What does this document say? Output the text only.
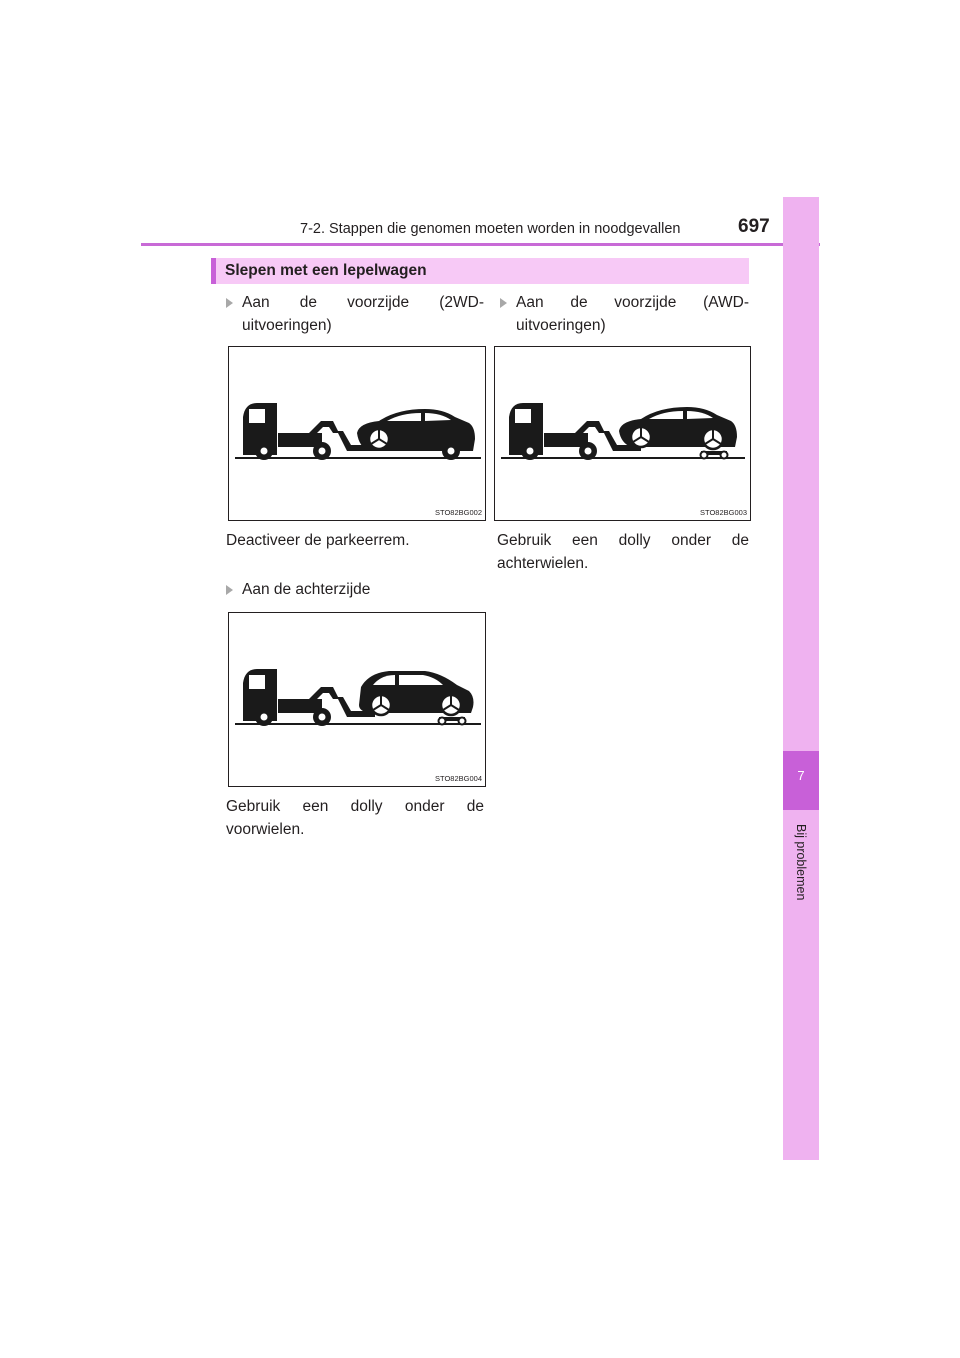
7-2. Stappen die genomen moeten worden in noodgevallen	697
7
Bij problemen
Slepen met een lepelwagen
Aan de voorzijde (2WD-uitvoeringen)
STO82BG002
Deactiveer de parkeerrem.
Aan de voorzijde (AWD-uitvoeringen)
STO82BG003
Gebruik een dolly onder de achterwielen.
Aan de achterzijde
STO82BG004
Gebruik een dolly onder de voorwielen.
